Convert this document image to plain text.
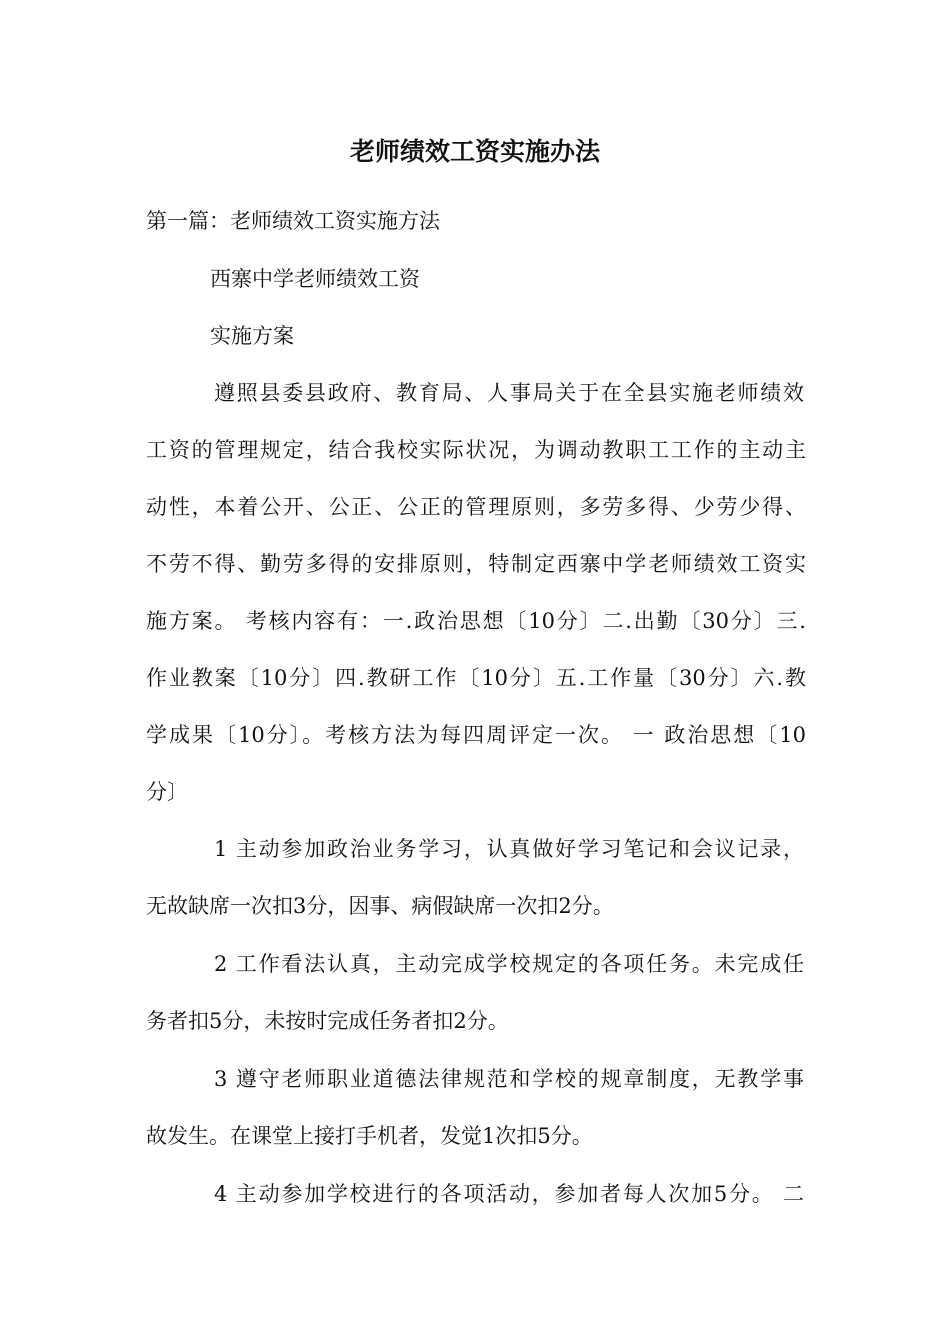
老师绩效工资实施办法
第一篇：老师绩效工资实施方法
西寨中学老师绩效工资
实施方案
遵照县委县政府、教育局、人事局关于在全县实施老师绩效
工资的管理规定，结合我校实际状况，为调动教职工工作的主动主
动性，本着公开、公正、公正的管理原则，多劳多得、少劳少得、
不劳不得、勤劳多得的安排原则，特制定西寨中学老师绩效工资实
施方案。 考核内容有：一.政治思想〔10分〕二.出勤〔30分〕三.
作业教案〔10分〕四.教研工作〔10分〕五.工作量〔30分〕六.教
学成果〔10分〕。考核方法为每四周评定一次。 一 政治思想〔10
分〕
1 主动参加政治业务学习，认真做好学习笔记和会议记录，
无故缺席一次扣3分，因事、病假缺席一次扣2分。
2 工作看法认真，主动完成学校规定的各项任务。未完成任
务者扣5分，未按时完成任务者扣2分。
3 遵守老师职业道德法律规范和学校的规章制度，无教学事
故发生。在课堂上接打手机者，发觉1次扣5分。
4 主动参加学校进行的各项活动，参加者每人次加5分。 二
